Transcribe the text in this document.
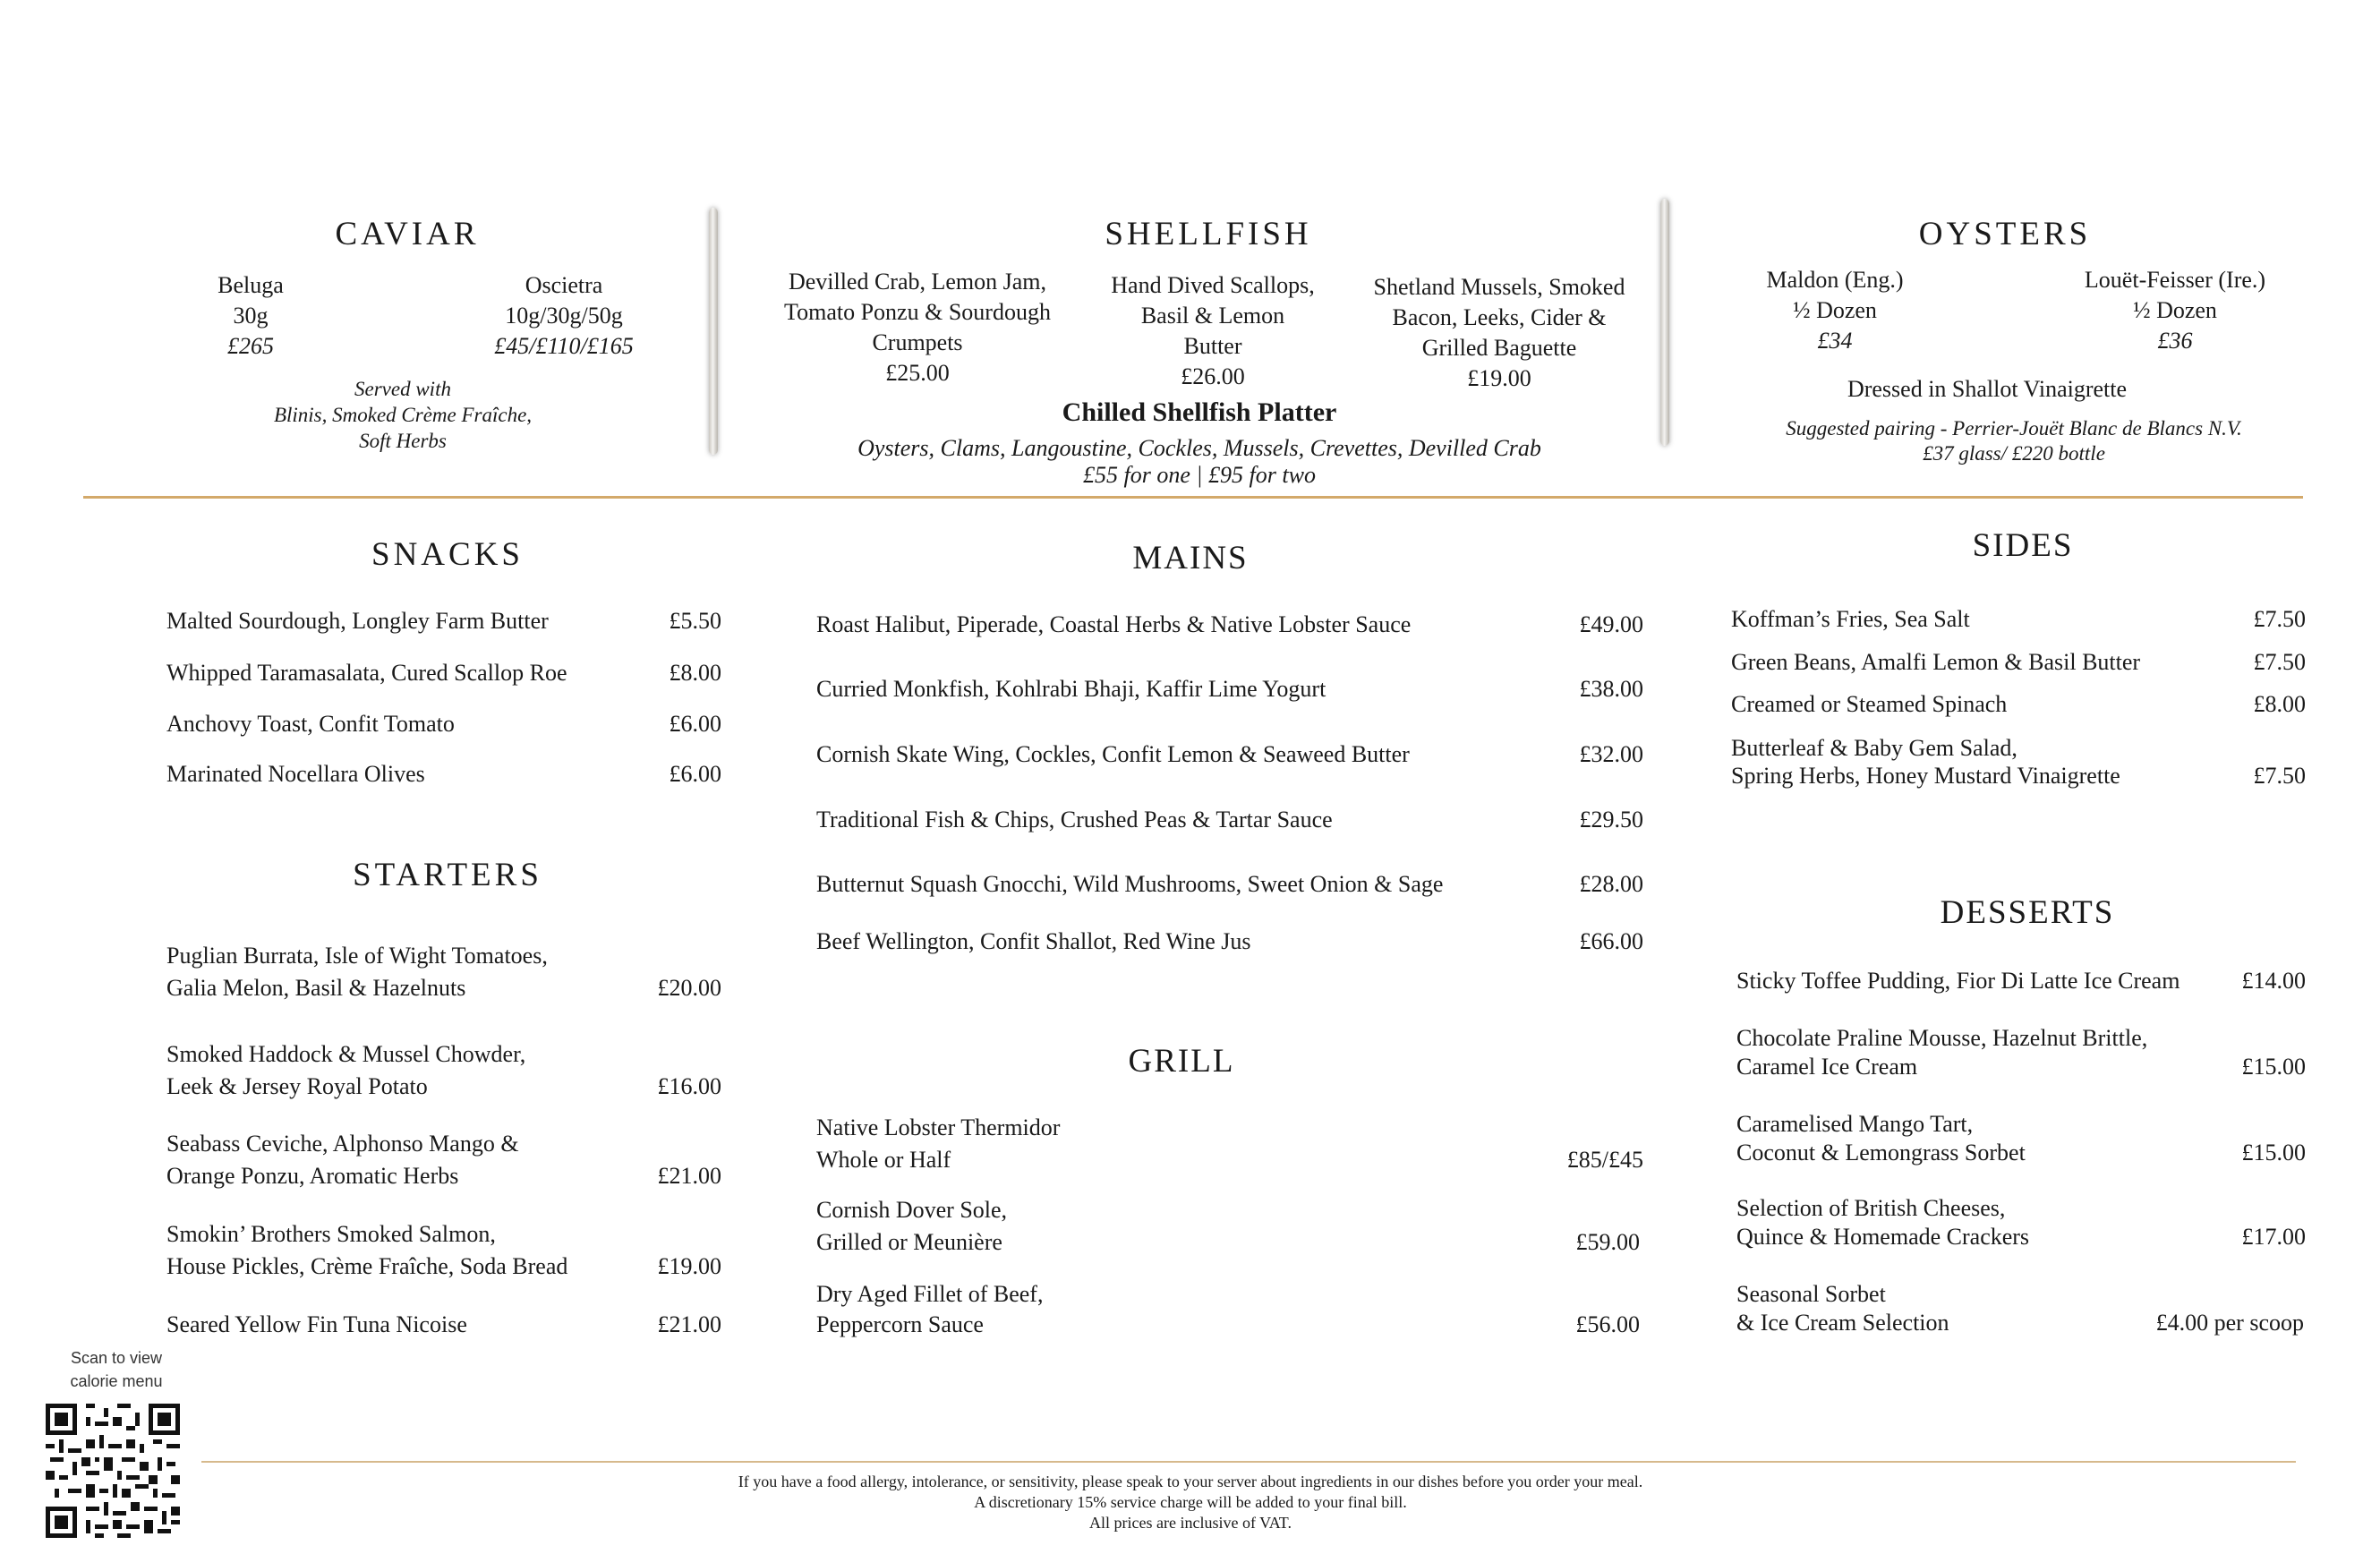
CAVIAR
Beluga
30g
£265
Oscietra
10g/30g/50g
£45/£110/£165
Served with
Blinis, Smoked Crème Fraîche,
Soft Herbs
SHELLFISH
Devilled Crab, Lemon Jam,
Tomato Ponzu & Sourdough
Crumpets
£25.00
Hand Dived Scallops,
Basil & Lemon
Butter
£26.00
Shetland Mussels, Smoked
Bacon, Leeks, Cider &
Grilled Baguette
£19.00
Chilled Shellfish Platter
Oysters, Clams, Langoustine, Cockles, Mussels, Crevettes, Devilled Crab
£55 for one | £95 for two
OYSTERS
Maldon (Eng.)
½ Dozen
£34
Louët-Feisser (Ire.)
½ Dozen
£36
Dressed in Shallot Vinaigrette
Suggested pairing - Perrier-Jouët Blanc de Blancs N.V.
£37 glass/ £220 bottle
SNACKS
Malted Sourdough, Longley Farm Butter	£5.50
Whipped Taramasalata, Cured Scallop Roe	£8.00
Anchovy Toast, Confit Tomato	£6.00
Marinated Nocellara Olives	£6.00
STARTERS
Puglian Burrata, Isle of Wight Tomatoes,
Galia Melon, Basil & Hazelnuts	£20.00
Smoked Haddock & Mussel Chowder,
Leek & Jersey Royal Potato	£16.00
Seabass Ceviche, Alphonso Mango &
Orange Ponzu, Aromatic Herbs	£21.00
Smokin’ Brothers Smoked Salmon,
House Pickles, Crème Fraîche, Soda Bread	£19.00
Seared Yellow Fin Tuna Nicoise	£21.00
MAINS
Roast Halibut, Piperade, Coastal Herbs & Native Lobster Sauce	£49.00
Curried Monkfish, Kohlrabi Bhaji, Kaffir Lime Yogurt	£38.00
Cornish Skate Wing, Cockles, Confit Lemon & Seaweed Butter	£32.00
Traditional Fish & Chips, Crushed Peas & Tartar Sauce	£29.50
Butternut Squash Gnocchi, Wild Mushrooms, Sweet Onion & Sage	£28.00
Beef Wellington, Confit Shallot, Red Wine Jus	£66.00
GRILL
Native Lobster Thermidor
Whole or Half	£85/£45
Cornish Dover Sole,
Grilled or Meunière	£59.00
Dry Aged Fillet of Beef,
Peppercorn Sauce	£56.00
SIDES
Koffman’s Fries, Sea Salt	£7.50
Green Beans, Amalfi Lemon & Basil Butter	£7.50
Creamed or Steamed Spinach	£8.00
Butterleaf & Baby Gem Salad,
Spring Herbs, Honey Mustard Vinaigrette	£7.50
DESSERTS
Sticky Toffee Pudding, Fior Di Latte Ice Cream	£14.00
Chocolate Praline Mousse, Hazelnut Brittle,
Caramel Ice Cream	£15.00
Caramelised Mango Tart,
Coconut & Lemongrass Sorbet	£15.00
Selection of British Cheeses,
Quince & Homemade Crackers	£17.00
Seasonal Sorbet
& Ice Cream Selection	£4.00 per scoop
Scan to view
calorie menu
If you have a food allergy, intolerance, or sensitivity, please speak to your server about ingredients in our dishes before you order your meal.
A discretionary 15% service charge will be added to your final bill.
All prices are inclusive of VAT.
